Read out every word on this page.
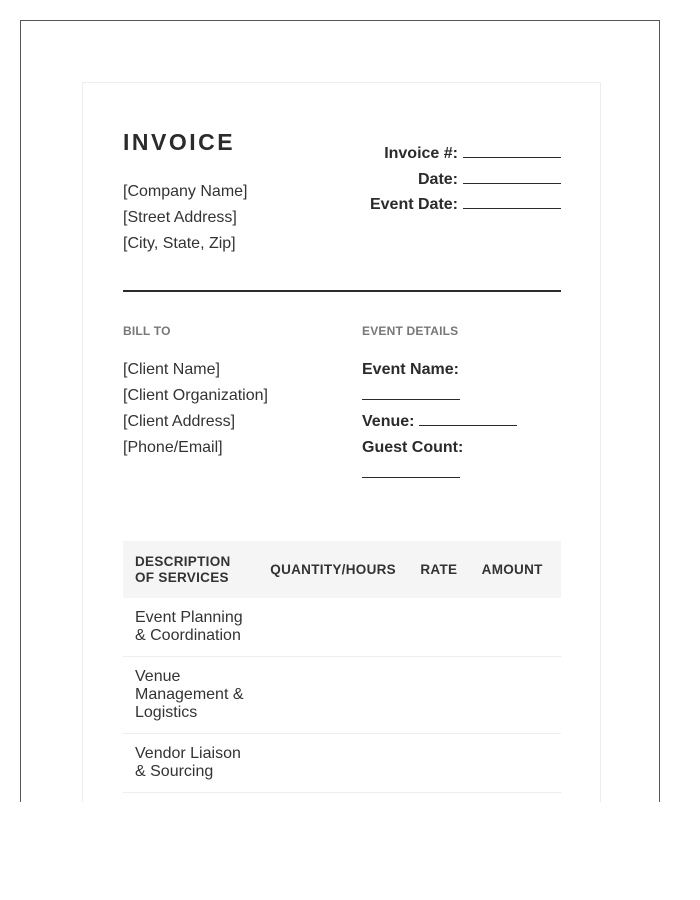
INVOICE
[Company Name]
[Street Address]
[City, State, Zip]
Invoice #:
Date:
Event Date:
BILL TO	EVENT DETAILS
[Client Name]
[Client Organization]
[Client Address]
[Phone/Email]
Event Name:
Venue:
Guest Count:
DESCRIPTION OF SERVICES	QUANTITY/HOURS	RATE	AMOUNT
Event Planning & Coordination			
Venue Management & Logistics			
Vendor Liaison & Sourcing			
